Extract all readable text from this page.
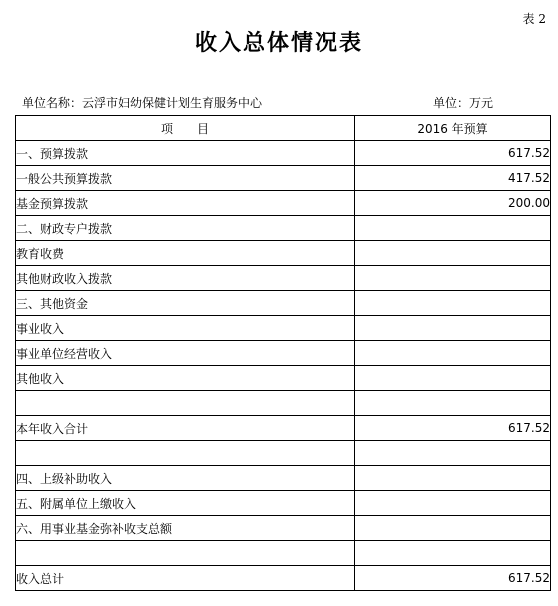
表 2
收入总体情况表
单位名称：云浮市妇幼保健计划生育服务中心	单位：万元
项　　目	2016 年预算
一、预算拨款	617.52
一般公共预算拨款	417.52
基金预算拨款	200.00
二、财政专户拨款	
教育收费	
其他财政收入拨款	
三、其他资金	
事业收入	
事业单位经营收入	
其他收入	

本年收入合计	617.52

四、上级补助收入	
五、附属单位上缴收入	
六、用事业基金弥补收支总额	

收入总计	617.52
